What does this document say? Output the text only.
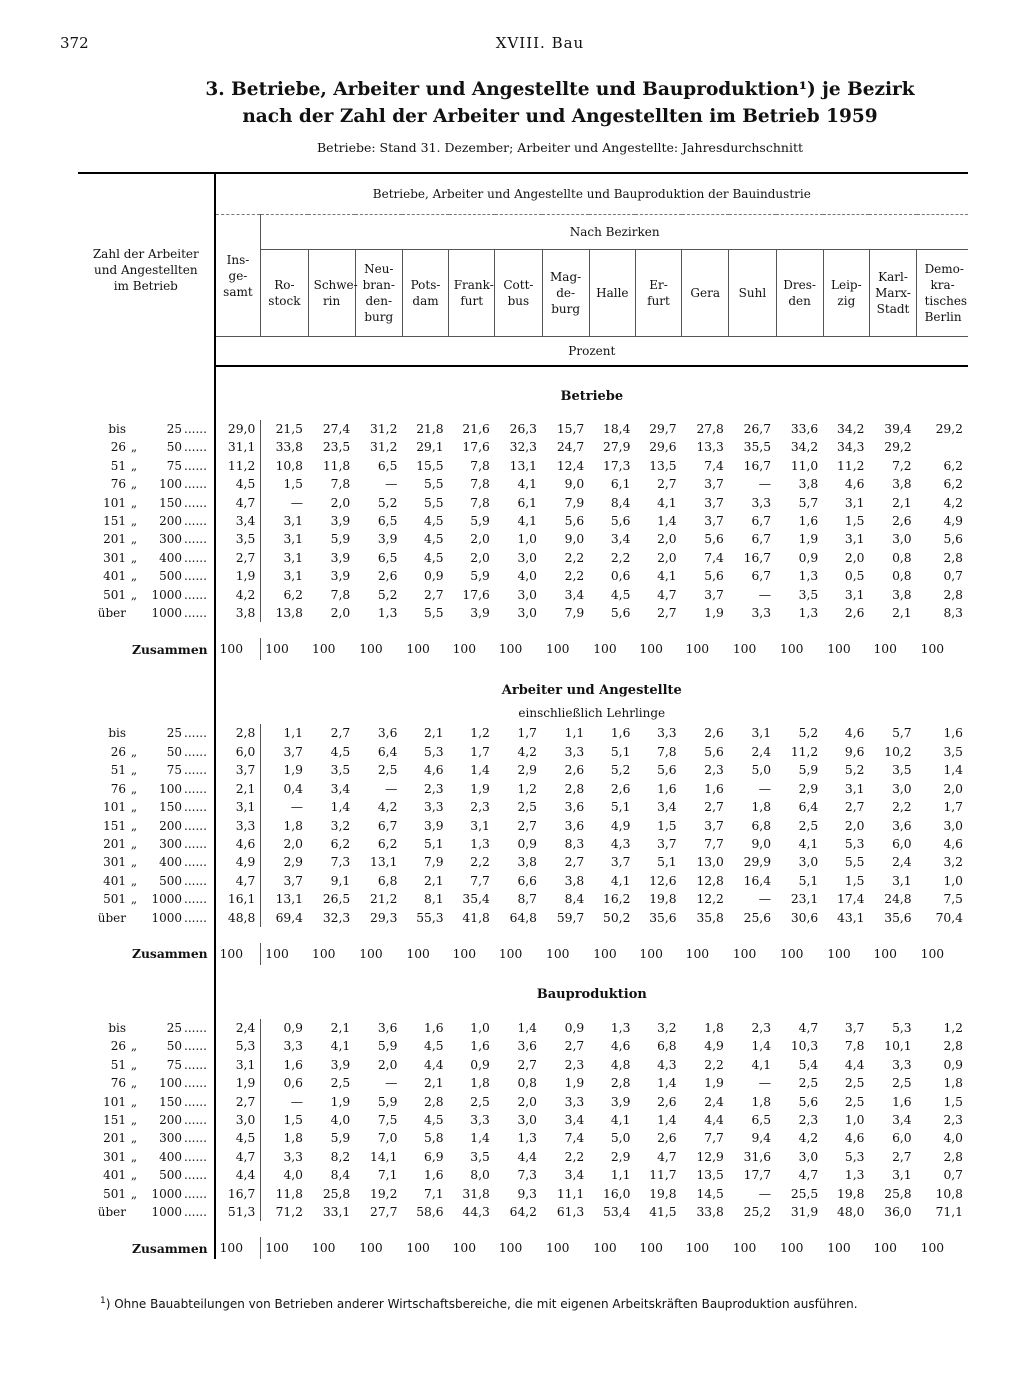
372	XVIII. Bau
3. Betriebe, Arbeiter und Angestellte und Bauproduktion¹) je Bezirk
nach der Zahl der Arbeiter und Angestellten im Betrieb 1959
Betriebe: Stand 31. Dezember; Arbeiter und Angestellte: Jahresdurchschnitt
Zahl der Arbeiter und Angestellten im Betrieb	Betriebe, Arbeiter und Angestellte und Bauproduktion der Bauindustrie															

	Ins- ge- samt	Nach Bezirken														

		Ro- stock	Schwe- rin	Neu- bran- den- burg	Pots- dam	Frank- furt	Cott- bus	Mag- de- burg	Halle	Er- furt	Gera	Suhl	Dres- den	Leip- zig	Karl- Marx- Stadt	Demo- kra- tisches Berlin

	Prozent															

	Betriebe															

bis 25 ......	29,0	21,5	27,4	31,2	21,8	21,6	26,3	15,7	18,4	29,7	27,8	26,7	33,6	34,2	39,4	29,2

26 „ 50 ......	31,1	33,8	23,5	31,2	29,1	17,6	32,3	24,7	27,9	29,6	13,3	35,5	34,2	34,3	29,2	

51 „ 75 ......	11,2	10,8	11,8	6,5	15,5	7,8	13,1	12,4	17,3	13,5	7,4	16,7	11,0	11,2	7,2	6,2

76 „ 100 ......	4,5	1,5	7,8	—	5,5	7,8	4,1	9,0	6,1	2,7	3,7	—	3,8	4,6	3,8	6,2

101 „ 150 ......	4,7	—	2,0	5,2	5,5	7,8	6,1	7,9	8,4	4,1	3,7	3,3	5,7	3,1	2,1	4,2

151 „ 200 ......	3,4	3,1	3,9	6,5	4,5	5,9	4,1	5,6	5,6	1,4	3,7	6,7	1,6	1,5	2,6	4,9

201 „ 300 ......	3,5	3,1	5,9	3,9	4,5	2,0	1,0	9,0	3,4	2,0	5,6	6,7	1,9	3,1	3,0	5,6

301 „ 400 ......	2,7	3,1	3,9	6,5	4,5	2,0	3,0	2,2	2,2	2,0	7,4	16,7	0,9	2,0	0,8	2,8

401 „ 500 ......	1,9	3,1	3,9	2,6	0,9	5,9	4,0	2,2	0,6	4,1	5,6	6,7	1,3	0,5	0,8	0,7

501 „ 1000 ......	4,2	6,2	7,8	5,2	2,7	17,6	3,0	3,4	4,5	4,7	3,7	—	3,5	3,1	3,8	2,8

über 1000 ......	3,8	13,8	2,0	1,3	5,5	3,9	3,0	7,9	5,6	2,7	1,9	3,3	1,3	2,6	2,1	8,3

Zusammen	100	100	100	100	100	100	100	100	100	100	100	100	100	100	100	100

	Arbeiter und Angestellte															
	einschließlich Lehrlinge															

bis 25 ......	2,8	1,1	2,7	3,6	2,1	1,2	1,7	1,1	1,6	3,3	2,6	3,1	5,2	4,6	5,7	1,6

26 „ 50 ......	6,0	3,7	4,5	6,4	5,3	1,7	4,2	3,3	5,1	7,8	5,6	2,4	11,2	9,6	10,2	3,5

51 „ 75 ......	3,7	1,9	3,5	2,5	4,6	1,4	2,9	2,6	5,2	5,6	2,3	5,0	5,9	5,2	3,5	1,4

76 „ 100 ......	2,1	0,4	3,4	—	2,3	1,9	1,2	2,8	2,6	1,6	1,6	—	2,9	3,1	3,0	2,0

101 „ 150 ......	3,1	—	1,4	4,2	3,3	2,3	2,5	3,6	5,1	3,4	2,7	1,8	6,4	2,7	2,2	1,7

151 „ 200 ......	3,3	1,8	3,2	6,7	3,9	3,1	2,7	3,6	4,9	1,5	3,7	6,8	2,5	2,0	3,6	3,0

201 „ 300 ......	4,6	2,0	6,2	6,2	5,1	1,3	0,9	8,3	4,3	3,7	7,7	9,0	4,1	5,3	6,0	4,6

301 „ 400 ......	4,9	2,9	7,3	13,1	7,9	2,2	3,8	2,7	3,7	5,1	13,0	29,9	3,0	5,5	2,4	3,2

401 „ 500 ......	4,7	3,7	9,1	6,8	2,1	7,7	6,6	3,8	4,1	12,6	12,8	16,4	5,1	1,5	3,1	1,0

501 „ 1000 ......	16,1	13,1	26,5	21,2	8,1	35,4	8,7	8,4	16,2	19,8	12,2	—	23,1	17,4	24,8	7,5

über 1000 ......	48,8	69,4	32,3	29,3	55,3	41,8	64,8	59,7	50,2	35,6	35,8	25,6	30,6	43,1	35,6	70,4

Zusammen	100	100	100	100	100	100	100	100	100	100	100	100	100	100	100	100

	Bauproduktion															

bis 25 ......	2,4	0,9	2,1	3,6	1,6	1,0	1,4	0,9	1,3	3,2	1,8	2,3	4,7	3,7	5,3	1,2

26 „ 50 ......	5,3	3,3	4,1	5,9	4,5	1,6	3,6	2,7	4,6	6,8	4,9	1,4	10,3	7,8	10,1	2,8

51 „ 75 ......	3,1	1,6	3,9	2,0	4,4	0,9	2,7	2,3	4,8	4,3	2,2	4,1	5,4	4,4	3,3	0,9

76 „ 100 ......	1,9	0,6	2,5	—	2,1	1,8	0,8	1,9	2,8	1,4	1,9	—	2,5	2,5	2,5	1,8

101 „ 150 ......	2,7	—	1,9	5,9	2,8	2,5	2,0	3,3	3,9	2,6	2,4	1,8	5,6	2,5	1,6	1,5

151 „ 200 ......	3,0	1,5	4,0	7,5	4,5	3,3	3,0	3,4	4,1	1,4	4,4	6,5	2,3	1,0	3,4	2,3

201 „ 300 ......	4,5	1,8	5,9	7,0	5,8	1,4	1,3	7,4	5,0	2,6	7,7	9,4	4,2	4,6	6,0	4,0

301 „ 400 ......	4,7	3,3	8,2	14,1	6,9	3,5	4,4	2,2	2,9	4,7	12,9	31,6	3,0	5,3	2,7	2,8

401 „ 500 ......	4,4	4,0	8,4	7,1	1,6	8,0	7,3	3,4	1,1	11,7	13,5	17,7	4,7	1,3	3,1	0,7

501 „ 1000 ......	16,7	11,8	25,8	19,2	7,1	31,8	9,3	11,1	16,0	19,8	14,5	—	25,5	19,8	25,8	10,8

über 1000 ......	51,3	71,2	33,1	27,7	58,6	44,3	64,2	61,3	53,4	41,5	33,8	25,2	31,9	48,0	36,0	71,1

Zusammen	100	100	100	100	100	100	100	100	100	100	100	100	100	100	100	100
$^1$) Ohne Bauabteilungen von Betrieben anderer Wirtschaftsbereiche, die mit eigenen Arbeitskräften Bauproduktion ausführen.
